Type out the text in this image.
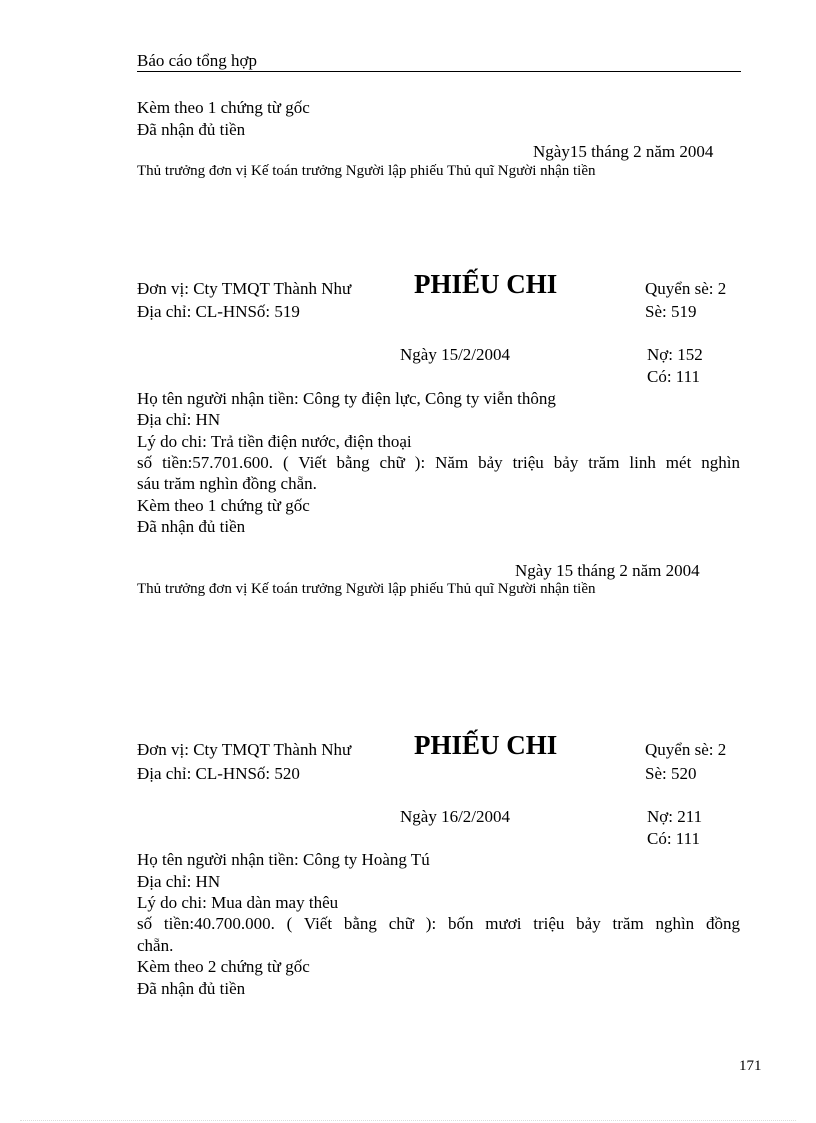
Báo cáo tổng hợp
Kèm theo 1 chứng từ gốc
Đã nhận đủ tiền
Ngày15 tháng 2 năm 2004
Thủ trưởng đơn vị Kế toán trưởng Người lập phiếu Thủ quĩ Người nhận tiền
Đơn vị: Cty TMQT Thành Như PHIẾU CHI	Quyển sè: 2
Địa chỉ: CL-HNSố: 519	Sè: 519
Ngày 15/2/2004	Nợ: 152
Có: 111
Họ tên người nhận tiền: Công ty điện lực, Công ty viễn thông
Địa chỉ: HN
Lý do chi: Trả tiền điện nước, điện thoại
số tiền:57.701.600. ( Viết bằng chữ ): Năm bảy triệu bảy trăm linh mét nghìn
sáu trăm nghìn đồng chẵn.
Kèm theo 1 chứng từ gốc
Đã nhận đủ tiền
Ngày 15 tháng 2 năm 2004
Thủ trưởng đơn vị Kế toán trưởng Người lập phiếu Thủ quĩ Người nhận tiền
Đơn vị: Cty TMQT Thành Như PHIẾU CHI	Quyển sè: 2
Địa chỉ: CL-HNSố: 520	Sè: 520
Ngày 16/2/2004	Nợ: 211
Có: 111
Họ tên người nhận tiền: Công ty Hoàng Tú
Địa chỉ: HN
Lý do chi: Mua dàn may thêu
số tiền:40.700.000. ( Viết bằng chữ ): bốn mươi triệu bảy trăm nghìn đồng
chẵn.
Kèm theo 2 chứng từ gốc
Đã nhận đủ tiền
171
